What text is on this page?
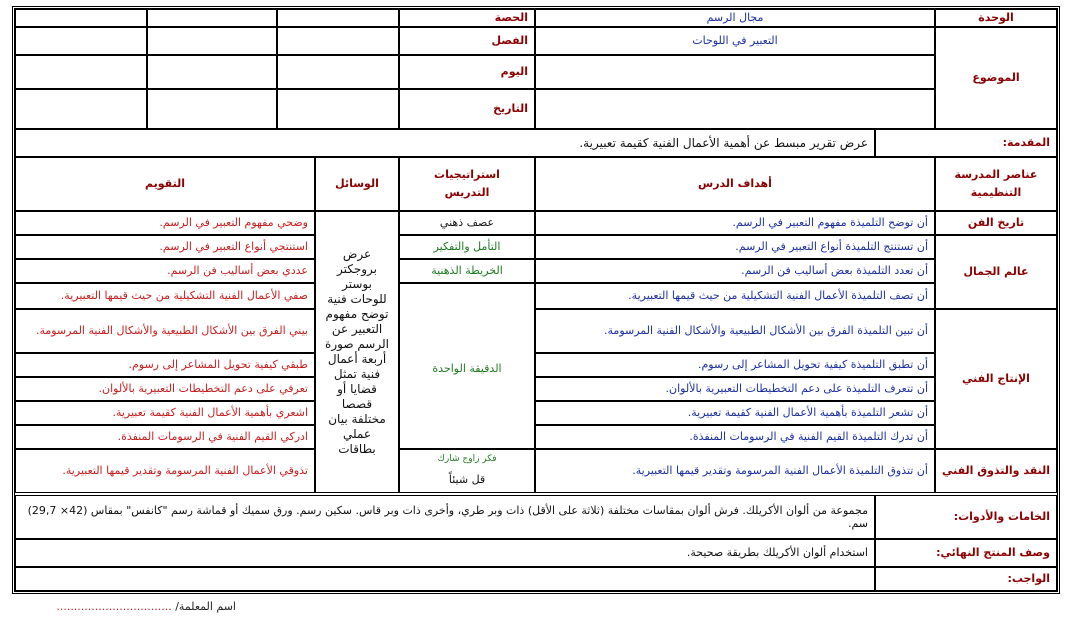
الوحدة
مجال الرسم
الحصة
الموضوع
التعبير في اللوحات
الفصل
اليوم
التاريخ
المقدمة:
عرض تقرير مبسط عن أهمية الأعمال الفنية كقيمة تعبيرية.
عناصر المدرسة التنظيمية
أهداف الدرس
استراتيجيات التدريس
الوسائل
التقويم
تاريخ الفن
عالم الجمال
الإنتاج الفني
النقد والتذوق الفني
أن توضح التلميذة مفهوم التعبير في الرسم.
أن تستنتج التلميذة أنواع التعبير في الرسم.
أن تعدد التلميذة بعض أساليب فن الرسم.
أن تصف التلميذة الأعمال الفنية التشكيلية من حيث قيمها التعبيرية.
أن تبين التلميذة الفرق بين الأشكال الطبيعية والأشكال الفنية المرسومة.
أن تطبق التلميذة كيفية تحويل المشاعر إلى رسوم.
أن تتعرف التلميذة على دعم التخطيطات التعبيرية بالألوان.
أن تشعر التلميذة بأهمية الأعمال الفنية كقيمة تعبيرية.
أن تدرك التلميذة القيم الفنية في الرسومات المنفذة.
أن تتذوق التلميذة الأعمال الفنية المرسومة وتقدير قيمها التعبيرية.
عصف ذهني
التأمل والتفكير
الخريطة الذهنية
الدقيقة الواحدة
فكر زاوج شارك
قل شيئاً
عرض بروجكتر بوستر للوحات فنية توضح مفهوم التعبير عن الرسم صورة أربعة أعمال فنية تمثل قضايا أو قصصا مختلفة بيان عملي بطاقات
وضحي مفهوم التعبير في الرسم.
استنتجي أنواع التعبير في الرسم.
عددي بعض أساليب فن الرسم.
صفي الأعمال الفنية التشكيلية من حيث قيمها التعبيرية.
بيني الفرق بين الأشكال الطبيعية والأشكال الفنية المرسومة.
طبقي كيفية تحويل المشاعر إلى رسوم.
تعرفي على دعم التخطيطات التعبيرية بالألوان.
اشعري بأهمية الأعمال الفنية كقيمة تعبيرية.
ادركي القيم الفنية في الرسومات المنفذة.
تذوقي الأعمال الفنية المرسومة وتقدير قيمها التعبيرية.
الخامات والأدوات:
مجموعة من ألوان الأكريلك. فرش ألوان بمقاسات مختلفة (ثلاثة على الأقل) ذات وبر طري، وأخرى ذات وبر قاس. سكين رسم. ورق سميك أو قماشة رسم "كانفس" بمقاس (42× 29,7) سم.
وصف المنتج النهائي:
استخدام ألوان الأكريلك بطريقة صحيحة.
الواجب:
اسم المعلمة/ .................................
